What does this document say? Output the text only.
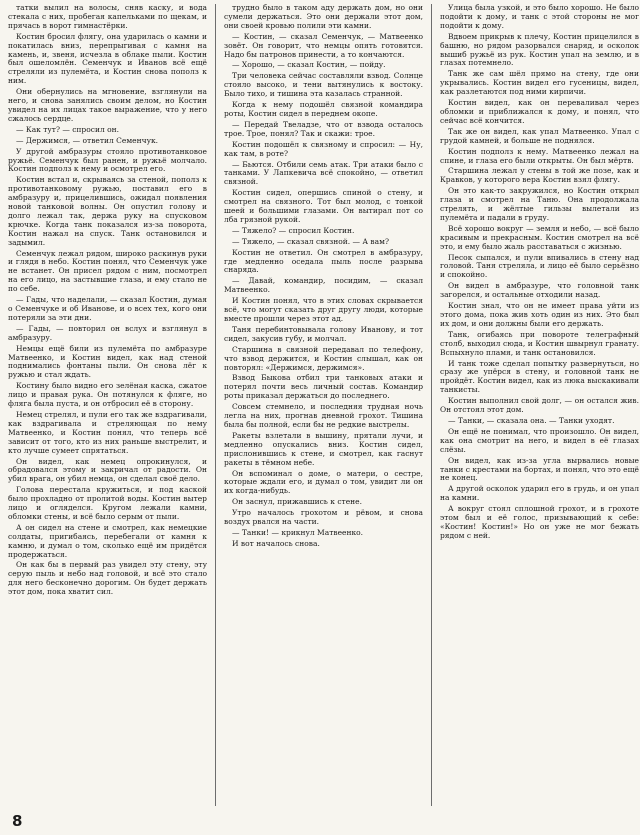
татки вылил на волосы, сняв каску, и вода стекала с них, пробегая капельками по щекам, и прячась в ворот гимнастёрки.

Костин бросил флягу, она ударилась о камни и покатилась вниз, перепрыгивая с камня на камень, и, звеня, исчезла в облаке пыли. Костин был ошеломлён. Семенчук и Иванов всё ещё стреляли из пулемёта, и Костин снова пополз к ним.

Они обернулись на мгновение, взглянули на него, и снова занялись своим делом, но Костин увидел на их лицах такое выражение, что у него сжалось сердце.

— Как тут? — спросил он.

— Держимся, — ответил Семенчук.

У другой амбразуры стояло противотанковое ружьё. Семенчук был ранен, и ружьё молчало. Костин подполз к нему и осмотрел его.

Костин встал и, скрываясь за стеной, пополз к противотанковому ружью, поставил его в амбразуру и, прицелившись, ожидал появления новой танковой волны. Он опустил голову и долго лежал так, держа руку на спусковом крючке. Когда танк показался из-за поворота, Костин нажал на спуск. Танк остановился и задымил.

Семенчук лежал рядом, широко раскинув руки и глядя в небо. Костин понял, что Семенчук уже не встанет. Он присел рядом с ним, посмотрел на его лицо, на застывшие глаза, и ему стало не по себе.

— Гады, что наделали, — сказал Костин, думая о Семенчуке и об Иванове, и о всех тех, кого они потеряли за эти дни.

— Гады, — повторил он вслух и взглянул в амбразуру.

Немцы ещё били из пулемёта по амбразуре Матвеенко, и Костин видел, как над стеной поднимались фонтаны пыли. Он снова лёг к ружью и стал ждать.

Костину было видно его зелёная каска, сжатое лицо и правая рука. Он потянулся к фляге, но фляга была пуста, и он отбросил её в сторону.

Немец стрелял, и пули его так же вздрагивали, как вздрагивала и стреляющая по нему Матвеенко, и Костин понял, что теперь всё зависит от того, кто из них раньше выстрелит, и кто лучше сумеет спрятаться.

Он видел, как немец опрокинулся, и обрадовался этому и закричал от радости. Он убил врага, он убил немца, он сделал своё дело.

Голова перестала кружиться, и под каской было прохладно от пролитой воды. Костин вытер лицо и огляделся. Кругом лежали камни, обломки стены, и всё было серым от пыли.

А он сидел на стене и смотрел, как немецкие солдаты, пригибаясь, перебегали от камня к камню, и думал о том, сколько ещё им придётся продержаться.

Он как бы в первый раз увидел эту стену, эту серую пыль и небо над головой, и всё это стало для него бесконечно дорогим. Он будет держать этот дом, пока хватит сил.

трудно было в таком аду держать дом, но они сумели держаться. Это они держали этот дом, они своей кровью полили эти камни.

— Костин, — сказал Семенчук, — Матвеенко зовёт. Он говорит, что немцы опять готовятся. Надо бы патронов принести, а то кончаются.

— Хорошо, — сказал Костин, — пойду.

Три человека сейчас составляли взвод. Солнце стояло высоко, и тени вытянулись к востоку. Было тихо, и тишина эта казалась странной.

Когда к нему подошёл связной командира роты, Костин сидел в переднем окопе.

— Передай Твеладзе, что от взвода осталось трое. Трое, понял? Так и скажи: трое.

Костин подошёл к связному и спросил: — Ну, как там, в роте?

— Бьются. Отбили семь атак. Три атаки было с танками. У Лапкевича всё спокойно, — ответил связной.

Костин сидел, опершись спиной о стену, и смотрел на связного. Тот был молод, с тонкой шеей и большими глазами. Он вытирал пот со лба грязной рукой.

— Тяжело? — спросил Костин.

— Тяжело, — сказал связной. — А вам?

Костин не ответил. Он смотрел в амбразуру, где медленно оседала пыль после разрыва снаряда.

— Давай, командир, посидим, — сказал Матвеенко.

И Костин понял, что в этих словах скрывается всё, что могут сказать друг другу люди, которые вместе прошли через этот ад.

Таня перебинтовывала голову Иванову, и тот сидел, закусив губу, и молчал.

Старшина в связной передавал по телефону, что взвод держится, и Костин слышал, как он повторял: «Держимся, держимся».

Взвод Быкова отбил три танковых атаки и потерял почти весь личный состав. Командир роты приказал держаться до последнего.

Совсем стемнело, и последняя трудная ночь легла на них, прогнав дневной грохот. Тишина была бы полной, если бы не редкие выстрелы.

Ракеты взлетали в вышину, прятали лучи, и медленно опускались вниз. Костин сидел, прислонившись к стене, и смотрел, как гаснут ракеты в тёмном небе.

Он вспоминал о доме, о матери, о сестре, которые ждали его, и думал о том, увидит ли он их когда-нибудь.

Он заснул, прижавшись к стене.

Утро началось грохотом и рёвом, и снова воздух рвался на части.

— Танки! — крикнул Матвеенко.

И вот началось снова.

Улица была узкой, и это было хорошо. Не было подойти к дому, и танк с этой стороны не мог подойти к дому.

Вдвоем прикрыв к плечу, Костин прицелился в башню, но рядом разорвался снаряд, и осколок вышиб ружьё из рук. Костин упал на землю, и в глазах потемнело.

Танк же сам шёл прямо на стену, где они укрывались. Костин видел его гусеницы, видел, как разлетаются под ними кирпичи.

Костин видел, как он переваливал через обломки и приближался к дому, и понял, что сейчас всё кончится.

Так же он видел, как упал Матвеенко. Упал с грудой камней, и больше не поднялся.

Костин подполз к нему. Матвеенко лежал на спине, и глаза его были открыты. Он был мёртв.

Старшина лежал у стены в той же позе, как и Кравков, у которого вера Костин взял флягу.

Он это как-то закружился, но Костин открыл глаза и смотрел на Таню. Она продолжала стрелять, и жёлтые гильзы вылетали из пулемёта и падали в груду.

Всё хорошо вокруг — земля и небо, — всё было красивым и прекрасным. Костин смотрел на всё это, и ему было жаль расставаться с жизнью.

Песок сыпался, и пули впивались в стену над головой. Таня стреляла, и лицо её было серьёзно и спокойно.

Он видел в амбразуре, что головной танк загорелся, и остальные отходили назад.

Костин знал, что он не имеет права уйти из этого дома, пока жив хоть один из них. Это был их дом, и они должны были его держать.

Танк, огибаясь при повороте телеграфный столб, выходил сюда, и Костин швырнул гранату. Вспыхнуло пламя, и танк остановился.

И танк тоже сделал попытку развернуться, но сразу же упёрся в стену, и головной танк не пройдёт. Костин видел, как из люка выскакивали танкисты.

Костин выполнил свой долг, — он остался жив. Он отстоял этот дом.

— Танки, — сказала она. — Танки уходят.

Он ещё не понимал, что произошло. Он видел, как она смотрит на него, и видел в её глазах слёзы.

Он видел, как из-за угла вырвались новые танки с крестами на бортах, и понял, что это ещё не конец.

А другой осколок ударил его в грудь, и он упал на камни.

А вокруг стоял сплошной грохот, и в грохоте этом был и её голос, призывающий к себе: «Костин! Костин!» Но он уже не мог бежать рядом с ней.

8
